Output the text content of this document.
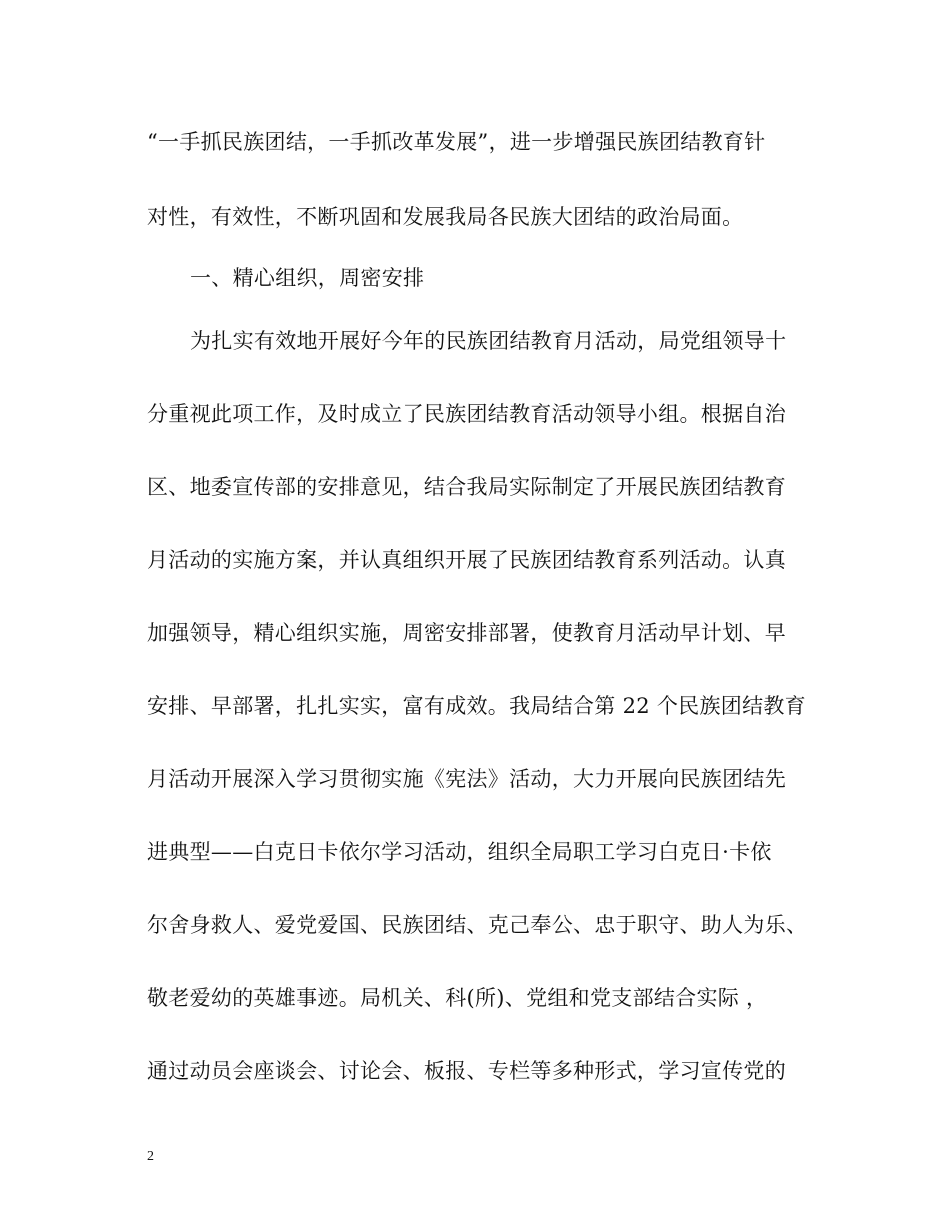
“一手抓民族团结，一手抓改革发展”，进一步增强民族团结教育针
对性，有效性，不断巩固和发展我局各民族大团结的政治局面。
一、精心组织，周密安排
为扎实有效地开展好今年的民族团结教育月活动，局党组领导十
分重视此项工作，及时成立了民族团结教育活动领导小组。根据自治
区、地委宣传部的安排意见，结合我局实际制定了开展民族团结教育
月活动的实施方案，并认真组织开展了民族团结教育系列活动。认真
加强领导，精心组织实施，周密安排部署，使教育月活动早计划、早
安排、早部署，扎扎实实，富有成效。我局结合第 22 个民族团结教育
月活动开展深入学习贯彻实施《宪法》活动，大力开展向民族团结先
进典型——白克日卡依尔学习活动，组织全局职工学习白克日·卡依
尔舍身救人、爱党爱国、民族团结、克己奉公、忠于职守、助人为乐、
敬老爱幼的英雄事迹。局机关、科(所)、党组和党支部结合实际 ，
通过动员会座谈会、讨论会、板报、专栏等多种形式，学习宣传党的
2
